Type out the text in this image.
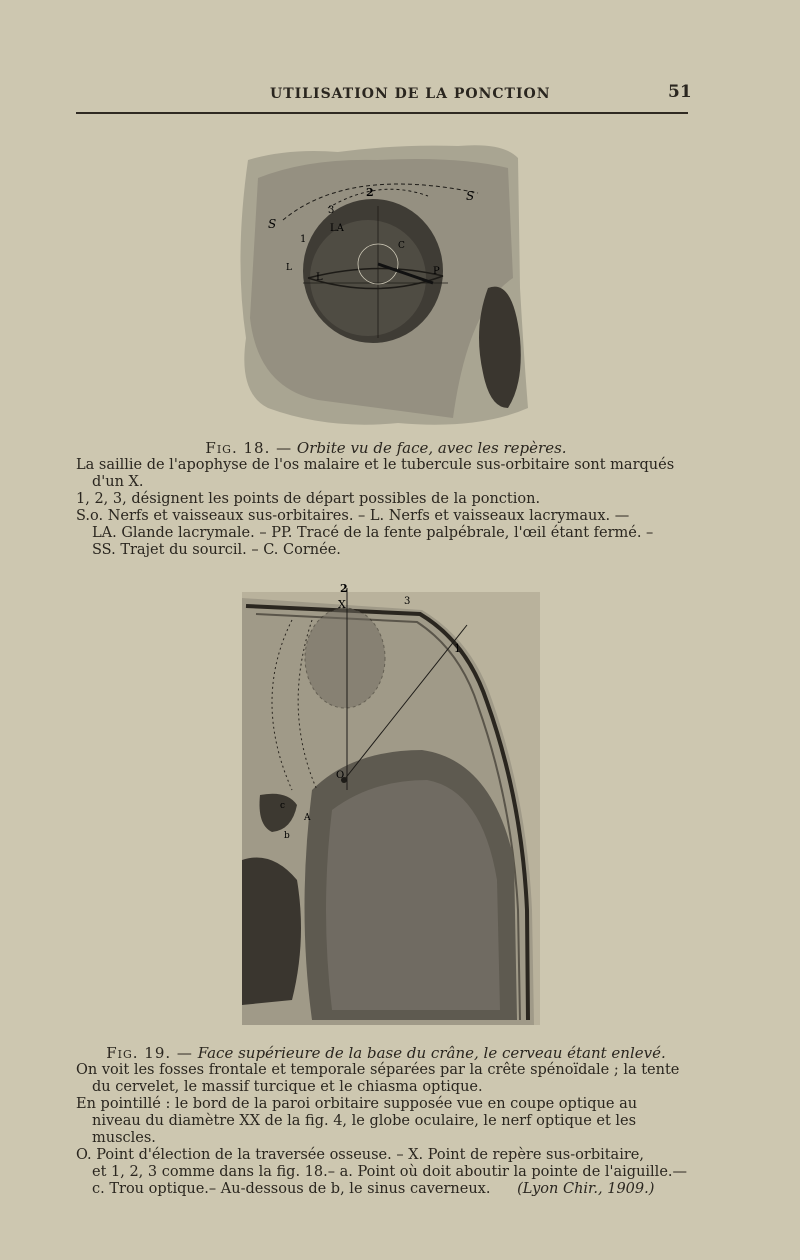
UTILISATION DE LA PONCTION	51
S
S
2
3
1
LA
L
L
P
C

Fig. 18. — Orbite vu de face, avec les repères.

La saillie de l'apophyse de l'os malaire et le tubercule sus-orbitaire sont marqués

d'un X.

1, 2, 3, désignent les points de départ possibles de la ponction.

S.o. Nerfs et vaisseaux sus-orbitaires. – L. Nerfs et vaisseaux lacrymaux. —

LA. Glande lacrymale. – PP. Tracé de la fente palpébrale, l'œil étant fermé. –

SS. Trajet du sourcil. – C. Cornée.

2
3
X
1
O
A
b
c

Fig. 19. — Face supérieure de la base du crâne, le cerveau étant enlevé.

On voit les fosses frontale et temporale séparées par la crête spénoïdale ; la tente

du cervelet, le massif turcique et le chiasma optique.

En pointillé : le bord de la paroi orbitaire supposée vue en coupe optique au

niveau du diamètre XX de la fig. 4, le globe oculaire, le nerf optique et les muscles.

O. Point d'élection de la traversée osseuse. – X. Point de repère sus-orbitaire,

et 1, 2, 3 comme dans la fig. 18.– a. Point où doit aboutir la pointe de l'aiguille.—

c. Trou optique.– Au-dessous de b, le sinus caverneux. (Lyon Chir., 1909.)
